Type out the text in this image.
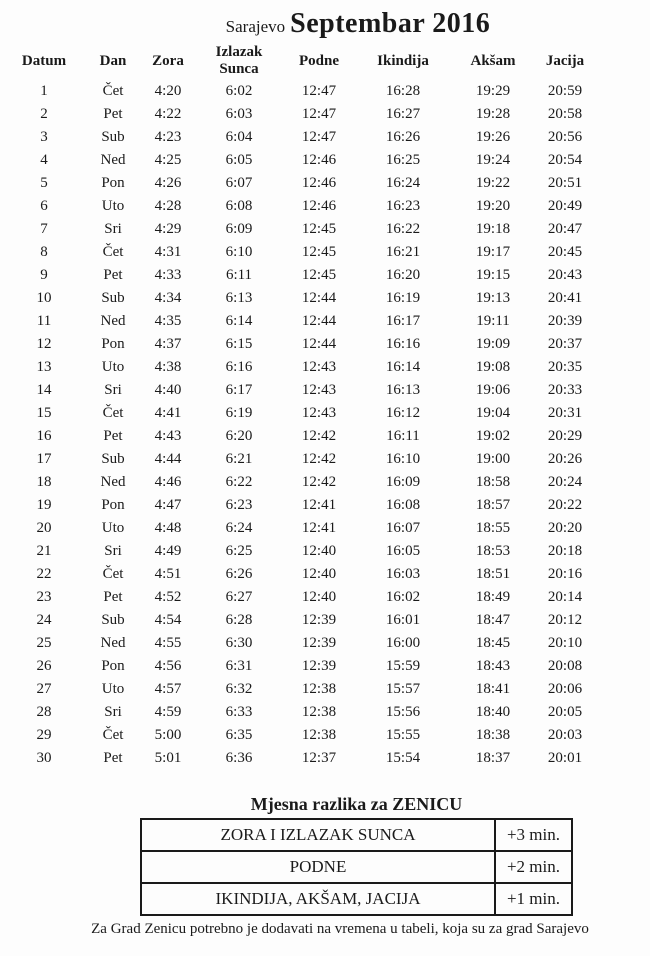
Sarajevo Septembar 2016
Datum	Dan	Zora	Izlazak Sunca	Podne	Ikindija	Akšam	Jacija
1	Čet	4:20	6:02	12:47	16:28	19:29	20:59
2	Pet	4:22	6:03	12:47	16:27	19:28	20:58
3	Sub	4:23	6:04	12:47	16:26	19:26	20:56
4	Ned	4:25	6:05	12:46	16:25	19:24	20:54
5	Pon	4:26	6:07	12:46	16:24	19:22	20:51
6	Uto	4:28	6:08	12:46	16:23	19:20	20:49
7	Sri	4:29	6:09	12:45	16:22	19:18	20:47
8	Čet	4:31	6:10	12:45	16:21	19:17	20:45
9	Pet	4:33	6:11	12:45	16:20	19:15	20:43
10	Sub	4:34	6:13	12:44	16:19	19:13	20:41
11	Ned	4:35	6:14	12:44	16:17	19:11	20:39
12	Pon	4:37	6:15	12:44	16:16	19:09	20:37
13	Uto	4:38	6:16	12:43	16:14	19:08	20:35
14	Sri	4:40	6:17	12:43	16:13	19:06	20:33
15	Čet	4:41	6:19	12:43	16:12	19:04	20:31
16	Pet	4:43	6:20	12:42	16:11	19:02	20:29
17	Sub	4:44	6:21	12:42	16:10	19:00	20:26
18	Ned	4:46	6:22	12:42	16:09	18:58	20:24
19	Pon	4:47	6:23	12:41	16:08	18:57	20:22
20	Uto	4:48	6:24	12:41	16:07	18:55	20:20
21	Sri	4:49	6:25	12:40	16:05	18:53	20:18
22	Čet	4:51	6:26	12:40	16:03	18:51	20:16
23	Pet	4:52	6:27	12:40	16:02	18:49	20:14
24	Sub	4:54	6:28	12:39	16:01	18:47	20:12
25	Ned	4:55	6:30	12:39	16:00	18:45	20:10
26	Pon	4:56	6:31	12:39	15:59	18:43	20:08
27	Uto	4:57	6:32	12:38	15:57	18:41	20:06
28	Sri	4:59	6:33	12:38	15:56	18:40	20:05
29	Čet	5:00	6:35	12:38	15:55	18:38	20:03
30	Pet	5:01	6:36	12:37	15:54	18:37	20:01
Mjesna razlika za ZENICU
ZORA I IZLAZAK SUNCA	+3 min.
PODNE	+2 min.
IKINDIJA, AKŠAM, JACIJA	+1 min.
Za Grad Zenicu potrebno je dodavati na vremena u tabeli, koja su za grad Sarajevo
